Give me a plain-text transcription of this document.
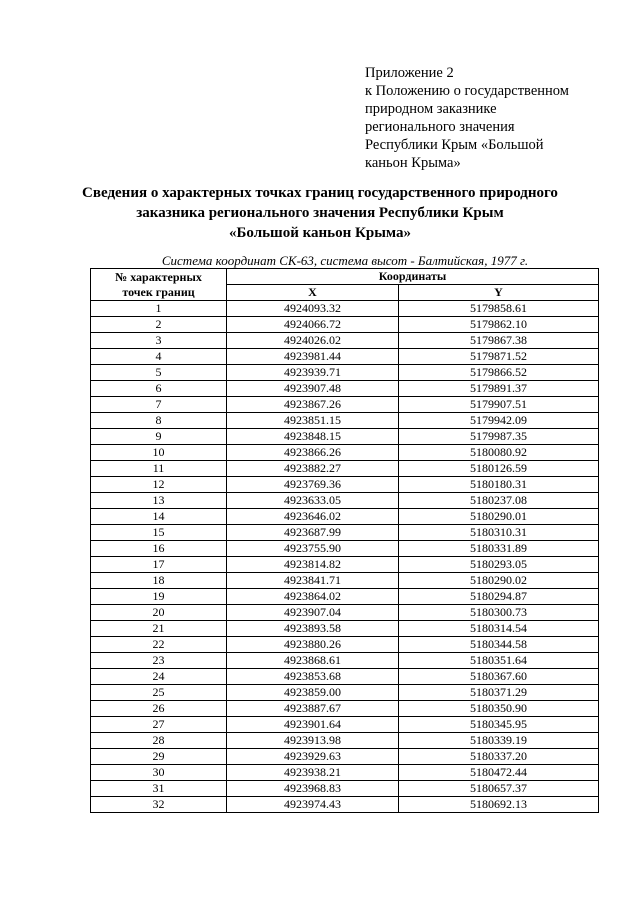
Приложение 2
к Положению о государственном
природном заказнике
регионального значения
Республики Крым «Большой
каньон Крыма»
Сведения о характерных точках границ государственного природного
заказника регионального значения Республики Крым
«Большой каньон Крыма»
Система координат СК-63, система высот - Балтийская, 1977 г.
№ характерных
точек границ	Координаты	
	X	Y
1	4924093.32	5179858.61
2	4924066.72	5179862.10
3	4924026.02	5179867.38
4	4923981.44	5179871.52
5	4923939.71	5179866.52
6	4923907.48	5179891.37
7	4923867.26	5179907.51
8	4923851.15	5179942.09
9	4923848.15	5179987.35
10	4923866.26	5180080.92
11	4923882.27	5180126.59
12	4923769.36	5180180.31
13	4923633.05	5180237.08
14	4923646.02	5180290.01
15	4923687.99	5180310.31
16	4923755.90	5180331.89
17	4923814.82	5180293.05
18	4923841.71	5180290.02
19	4923864.02	5180294.87
20	4923907.04	5180300.73
21	4923893.58	5180314.54
22	4923880.26	5180344.58
23	4923868.61	5180351.64
24	4923853.68	5180367.60
25	4923859.00	5180371.29
26	4923887.67	5180350.90
27	4923901.64	5180345.95
28	4923913.98	5180339.19
29	4923929.63	5180337.20
30	4923938.21	5180472.44
31	4923968.83	5180657.37
32	4923974.43	5180692.13
